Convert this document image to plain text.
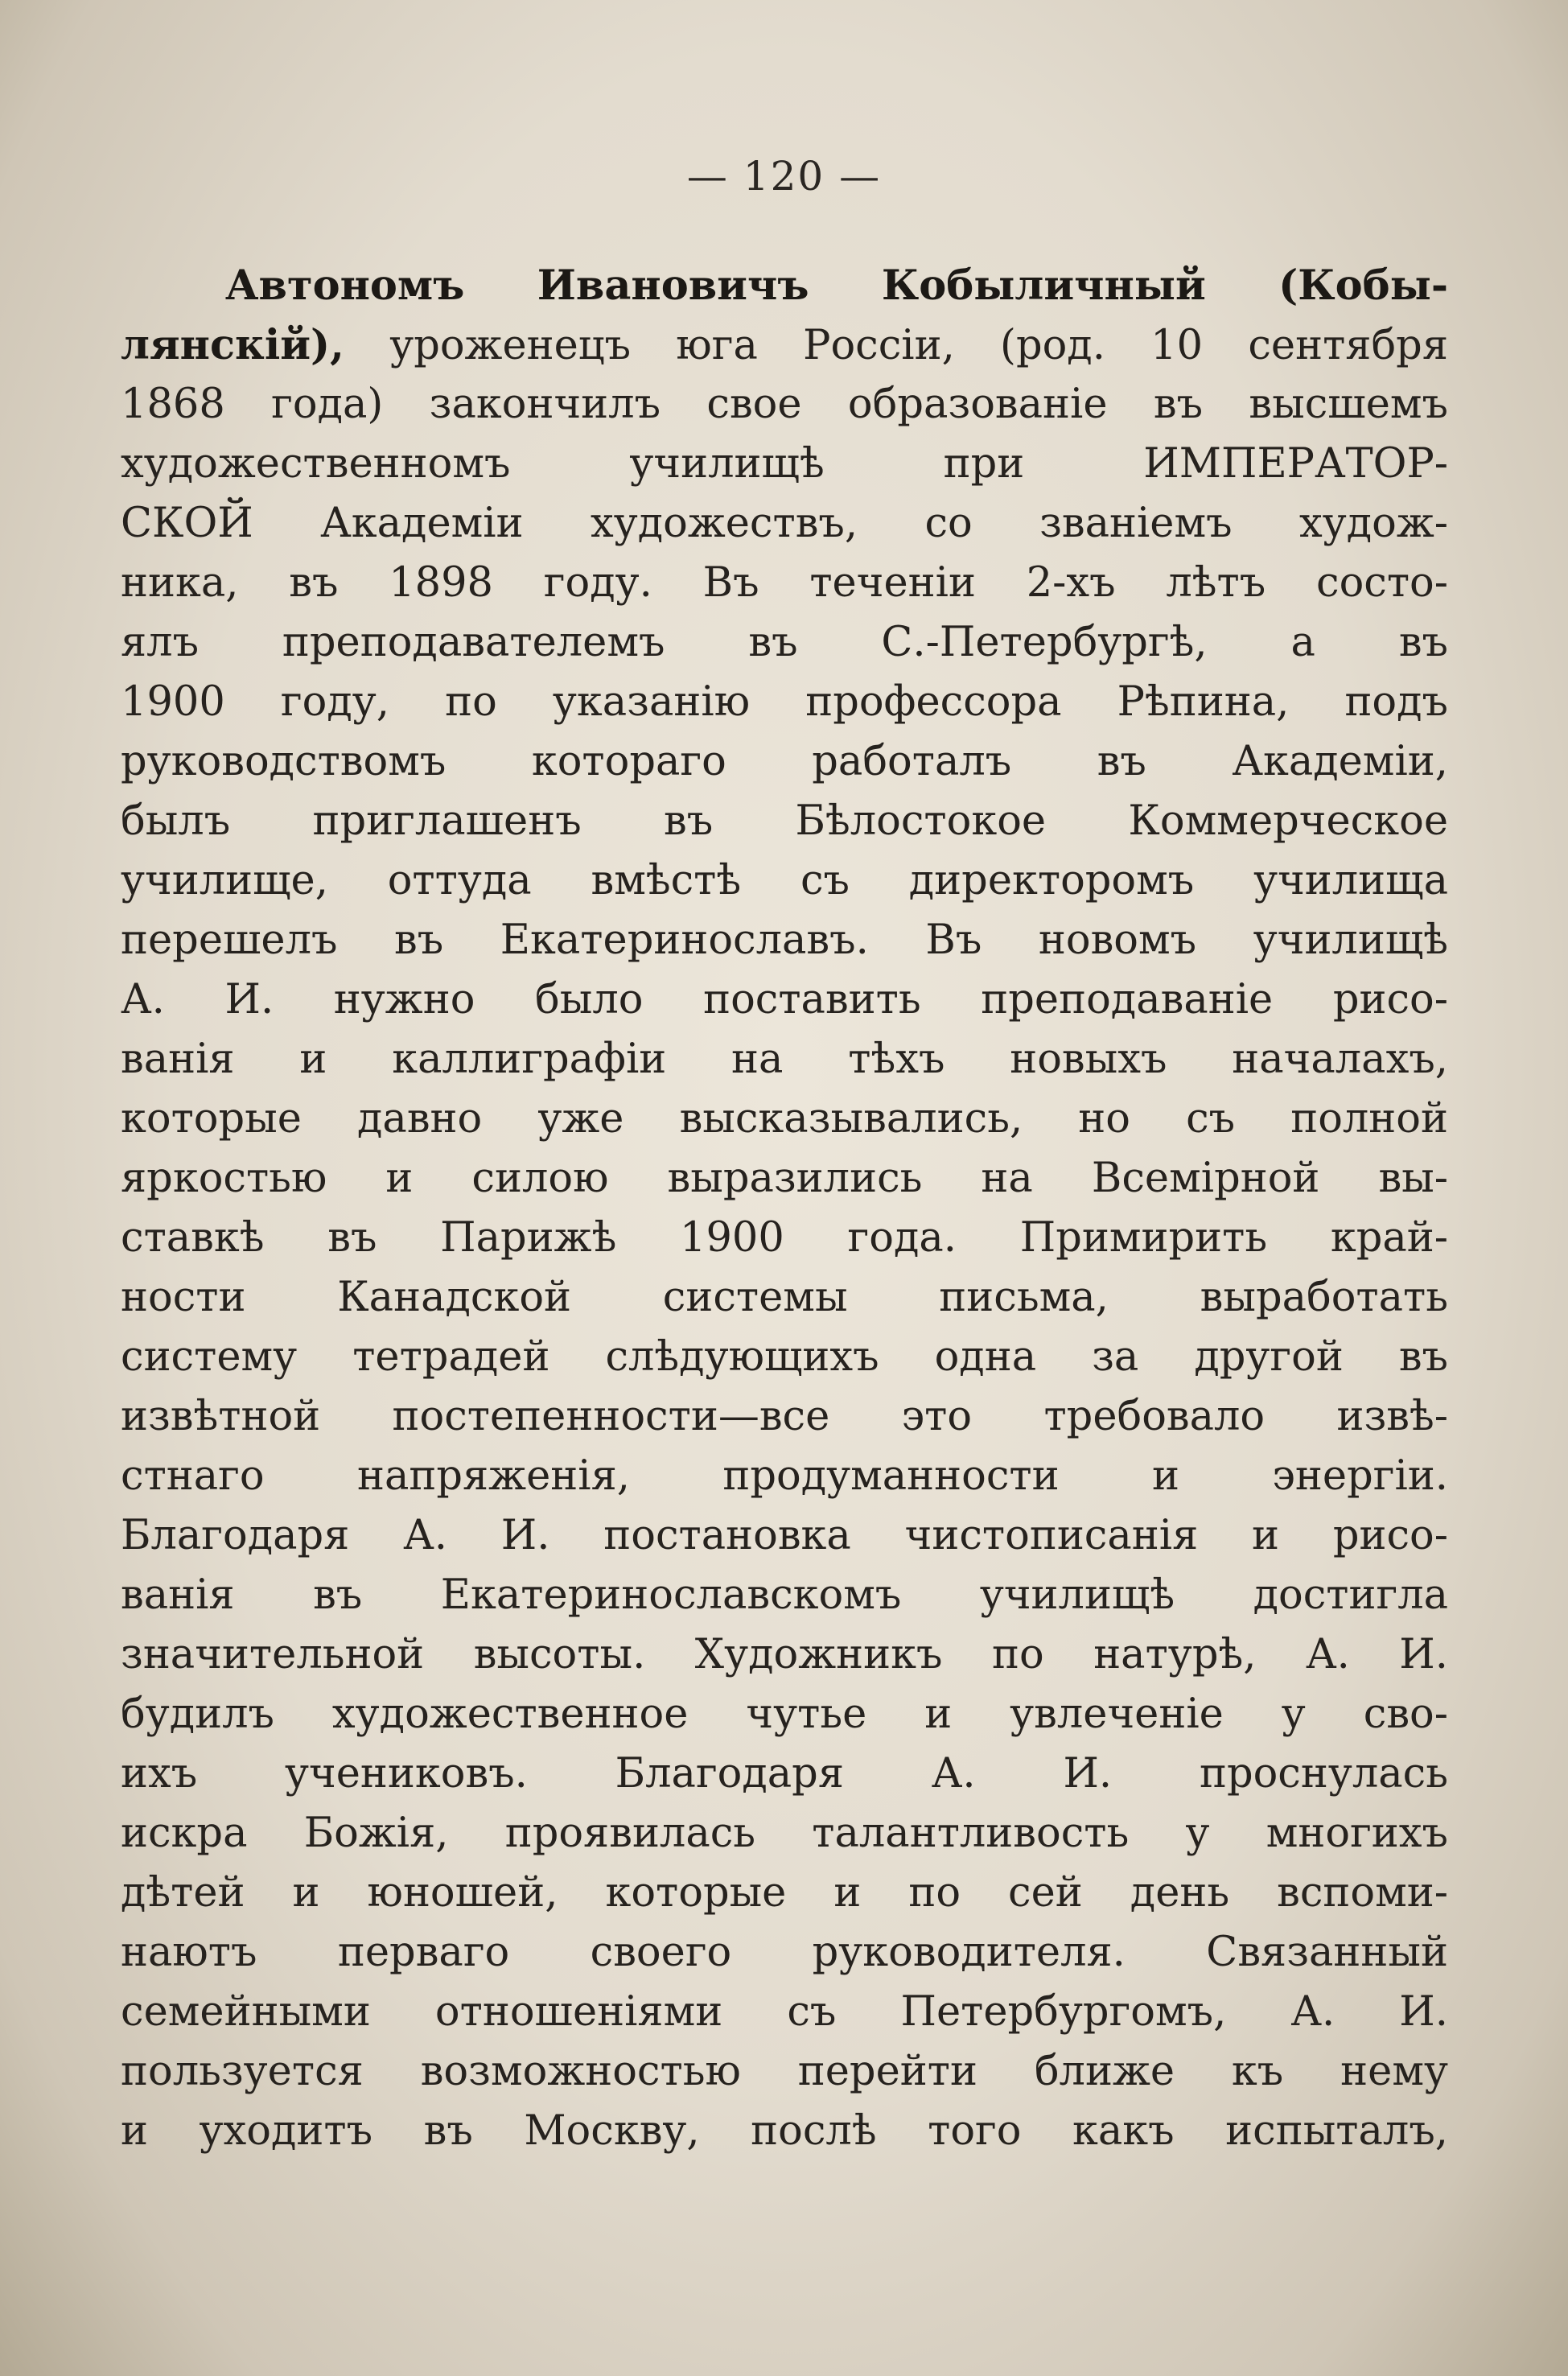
— 120 —
Автономъ Ивановичъ Кобыличный (Кобы-
лянскій), уроженецъ юга Россіи, (род. 10 сентября
1868 года) закончилъ свое образованіе въ высшемъ
художественномъ училищѣ при ИМПЕРАТОР-
СКОЙ Академіи художествъ, со званіемъ худож-
ника, въ 1898 году. Въ теченіи 2-хъ лѣтъ состо-
ялъ преподавателемъ въ С.-Петербургѣ, а въ
1900 году, по указанію профессора Рѣпина, подъ
руководствомъ котораго работалъ въ Академіи,
былъ приглашенъ въ Бѣлостокое Коммерческое
училище, оттуда вмѣстѣ съ директоромъ училища
перешелъ въ Екатеринославъ. Въ новомъ училищѣ
А. И. нужно было поставить преподаваніе рисо-
ванія и каллиграфіи на тѣхъ новыхъ началахъ,
которые давно уже высказывались, но съ полной
яркостью и силою выразились на Всемірной вы-
ставкѣ въ Парижѣ 1900 года. Примирить край-
ности Канадской системы письма, выработать
систему тетрадей слѣдующихъ одна за другой въ
извѣтной постепенности—все это требовало извѣ-
стнаго напряженія, продуманности и энергіи.
Благодаря А. И. постановка чистописанія и рисо-
ванія въ Екатеринославскомъ училищѣ достигла
значительной высоты. Художникъ по натурѣ, А. И.
будилъ художественное чутье и увлеченіе у сво-
ихъ учениковъ. Благодаря А. И. проснулась
искра Божія, проявилась талантливость у многихъ
дѣтей и юношей, которые и по сей день вспоми-
наютъ перваго своего руководителя. Связанный
семейными отношеніями съ Петербургомъ, А. И.
пользуется возможностью перейти ближе къ нему
и уходитъ въ Москву, послѣ того какъ испыталъ,
